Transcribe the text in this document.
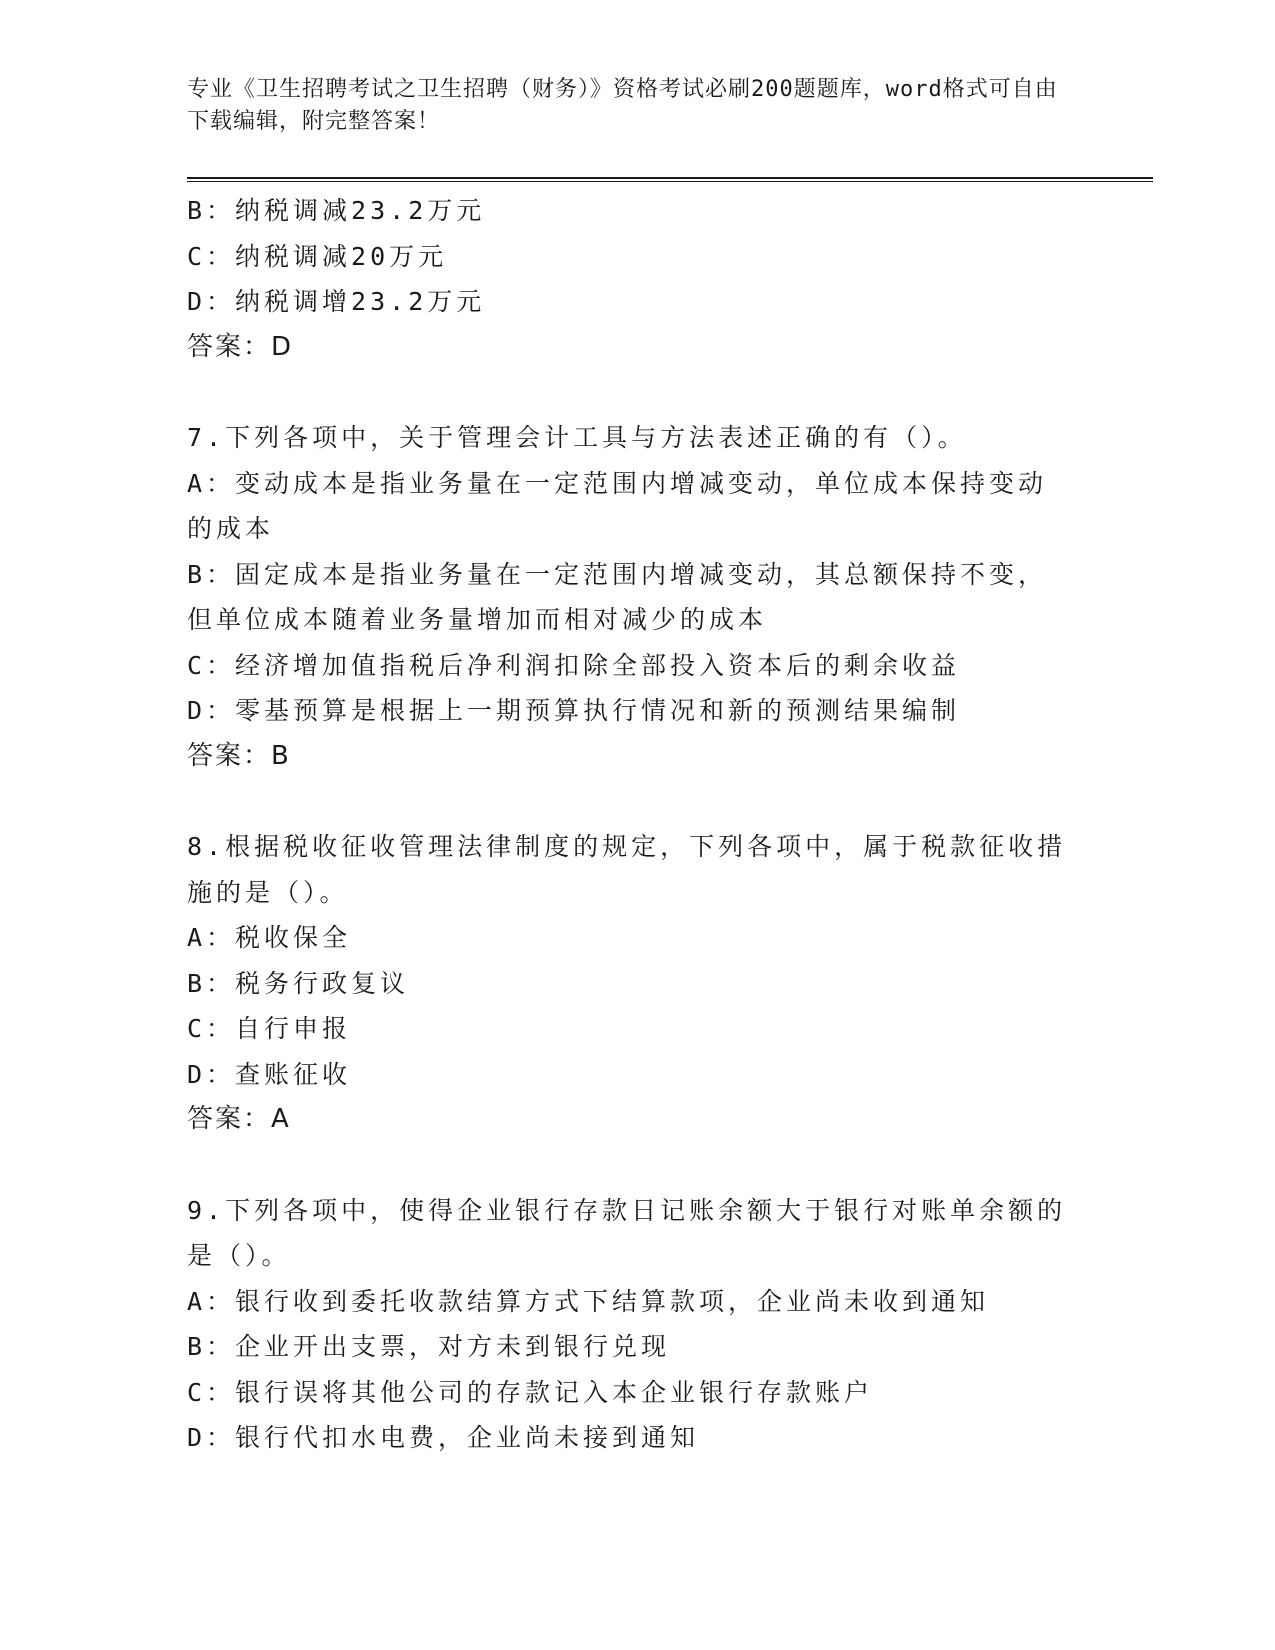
专业《卫生招聘考试之卫生招聘（财务）》资格考试必刷200题题库，word格式可自由下载编辑，附完整答案！
B：纳税调减23.2万元
C：纳税调减20万元
D：纳税调增23.2万元
答案：D
7.下列各项中，关于管理会计工具与方法表述正确的有（）。
A：变动成本是指业务量在一定范围内增减变动，单位成本保持变动的成本
B：固定成本是指业务量在一定范围内增减变动，其总额保持不变，但单位成本随着业务量增加而相对减少的成本
C：经济增加值指税后净利润扣除全部投入资本后的剩余收益
D：零基预算是根据上一期预算执行情况和新的预测结果编制
答案：B
8.根据税收征收管理法律制度的规定，下列各项中，属于税款征收措施的是（）。
A：税收保全
B：税务行政复议
C：自行申报
D：查账征收
答案：A
9.下列各项中，使得企业银行存款日记账余额大于银行对账单余额的是（）。
A：银行收到委托收款结算方式下结算款项，企业尚未收到通知
B：企业开出支票，对方未到银行兑现
C：银行误将其他公司的存款记入本企业银行存款账户
D：银行代扣水电费，企业尚未接到通知
